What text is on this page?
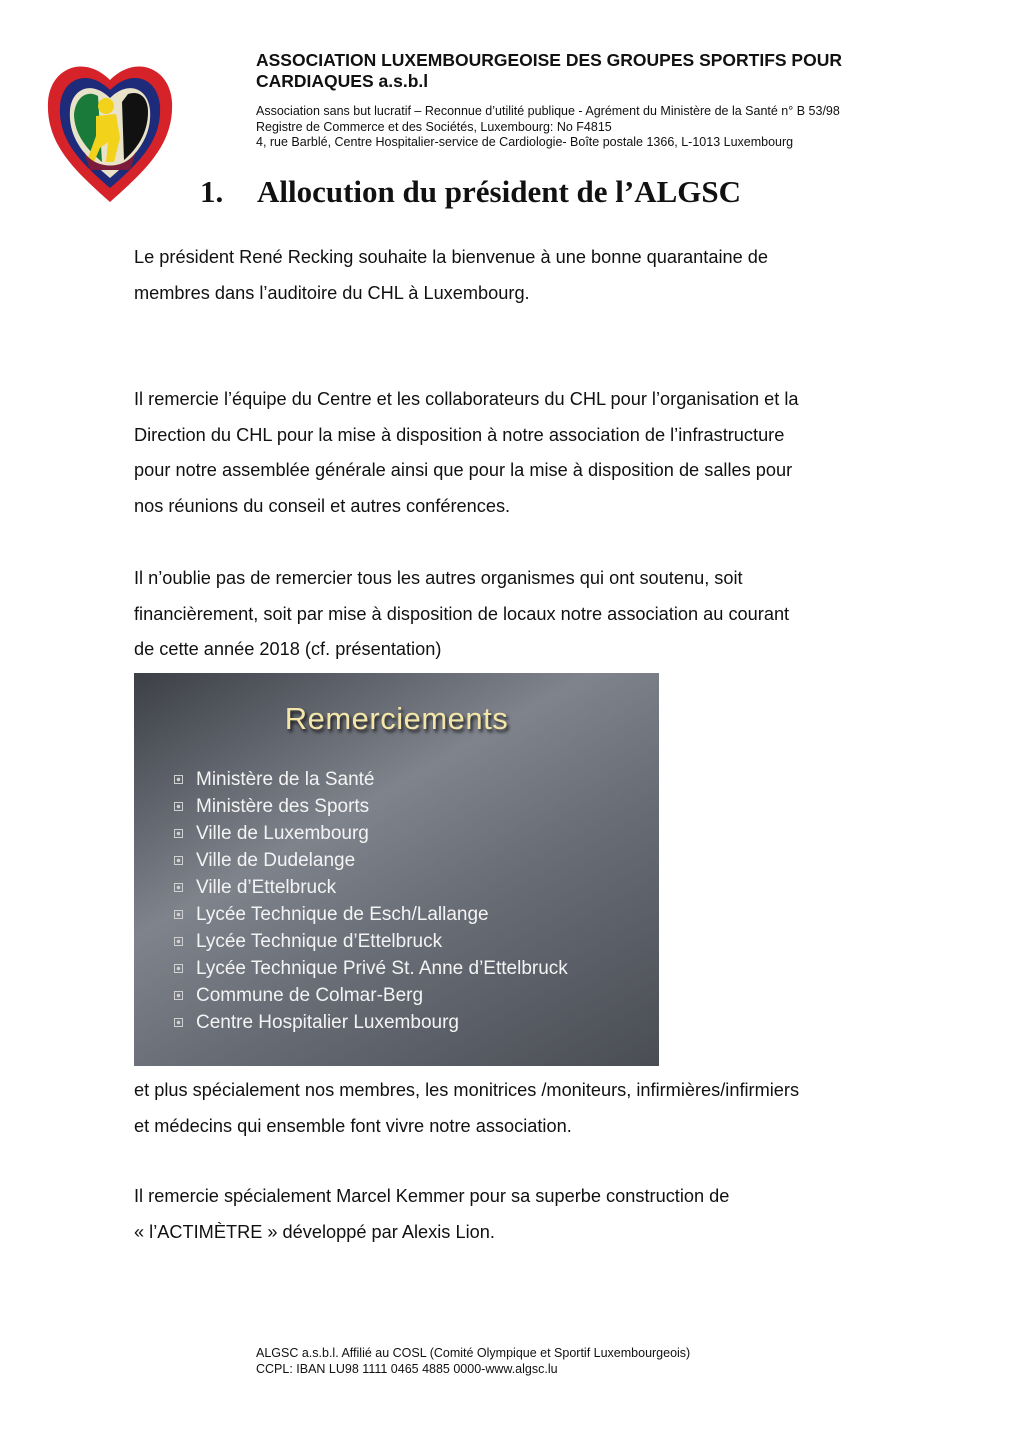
ASSOCIATION LUXEMBOURGEOISE DES GROUPES SPORTIFS POUR
CARDIAQUES a.s.b.l

Association sans but lucratif – Reconnue d’utilité publique - Agrément du Ministère de la Santé n° B 53/98
Registre de Commerce et des Sociétés, Luxembourg: No F4815
4, rue Barblé, Centre Hospitalier-service de Cardiologie- Boîte postale 1366, L-1013 Luxembourg
1. Allocution du président de l’ALGSC

Le président René Recking souhaite la bienvenue à une bonne quarantaine de
membres dans l’auditoire du CHL à Luxembourg.

Il remercie l’équipe du Centre et les collaborateurs du CHL pour l’organisation et la
Direction du CHL pour la mise à disposition à notre association de l’infrastructure
pour notre assemblée générale ainsi que pour la mise à disposition de salles pour
nos réunions du conseil et autres conférences.

Il n’oublie pas de remercier tous les autres organismes qui ont soutenu, soit
financièrement, soit par mise à disposition de locaux notre association au courant
de cette année 2018 (cf. présentation)

Remerciements
Ministère de la Santé
Ministère des Sports
Ville de Luxembourg
Ville de Dudelange
Ville d’Ettelbruck
Lycée Technique de Esch/Lallange
Lycée Technique d’Ettelbruck
Lycée Technique Privé St. Anne d’Ettelbruck
Commune de Colmar-Berg
Centre Hospitalier Luxembourg

et plus spécialement nos membres, les monitrices /moniteurs, infirmières/infirmiers
et médecins qui ensemble font vivre notre association.

Il remercie spécialement Marcel Kemmer pour sa superbe construction de
« l’ACTIMÈTRE » développé par Alexis Lion.

ALGSC a.s.b.l. Affilié au COSL (Comité Olympique et Sportif Luxembourgeois)
CCPL: IBAN LU98 1111 0465 4885 0000-www.algsc.lu
